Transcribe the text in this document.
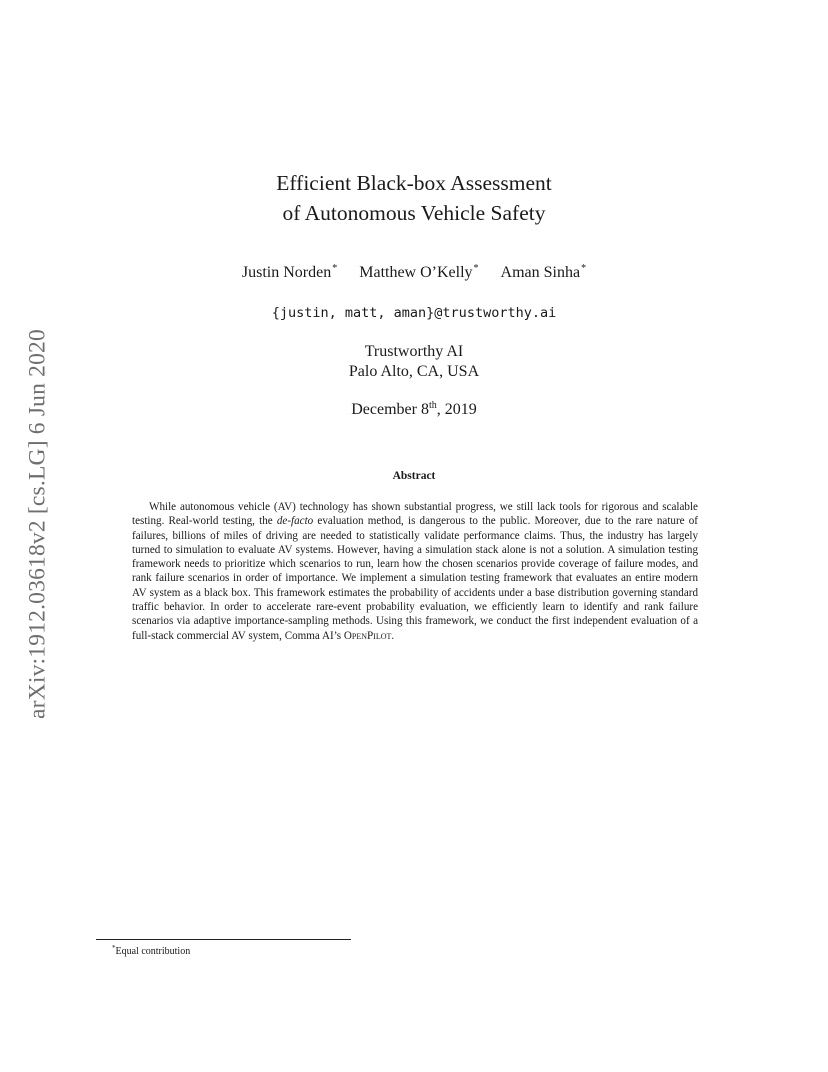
arXiv:1912.03618v2 [cs.LG] 6 Jun 2020
Efficient Black-box Assessment
of Autonomous Vehicle Safety
Justin Norden* Matthew O’Kelly* Aman Sinha*
{justin, matt, aman}@trustworthy.ai
Trustworthy AI
Palo Alto, CA, USA
December 8th, 2019
Abstract

While autonomous vehicle (AV) technology has shown substantial progress, we still lack tools for rigorous and scalable testing. Real-world testing, the de-facto evaluation method, is dangerous to the public. Moreover, due to the rare nature of failures, billions of miles of driving are needed to statistically validate performance claims. Thus, the industry has largely turned to simulation to evaluate AV systems. However, having a simulation stack alone is not a solution. A simulation testing framework needs to prioritize which scenarios to run, learn how the chosen scenarios provide coverage of failure modes, and rank failure scenarios in order of importance. We implement a simulation testing framework that evaluates an entire modern AV system as a black box. This framework estimates the probability of accidents under a base distribution governing standard traffic behavior. In order to accelerate rare-event probability evaluation, we efficiently learn to identify and rank failure scenarios via adaptive importance-sampling methods. Using this framework, we conduct the first independent evaluation of a full-stack commercial AV system, Comma AI’s OpenPilot.

*Equal contribution
